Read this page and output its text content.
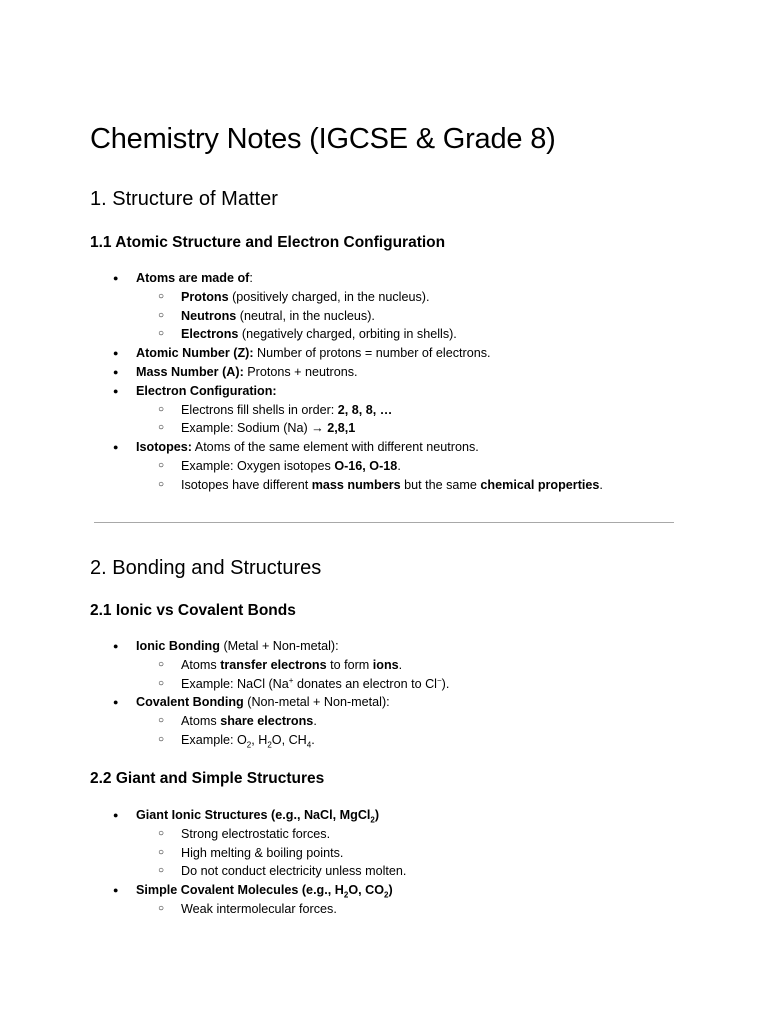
Chemistry Notes (IGCSE & Grade 8)
1. Structure of Matter
1.1 Atomic Structure and Electron Configuration
● Atoms are made of:
○ Protons (positively charged, in the nucleus).
○ Neutrons (neutral, in the nucleus).
○ Electrons (negatively charged, orbiting in shells).
● Atomic Number (Z): Number of protons = number of electrons.
● Mass Number (A): Protons + neutrons.
● Electron Configuration:
○ Electrons fill shells in order: 2, 8, 8, …
○ Example: Sodium (Na) → 2,8,1
● Isotopes: Atoms of the same element with different neutrons.
○ Example: Oxygen isotopes O-16, O-18.
○ Isotopes have different mass numbers but the same chemical properties.
2. Bonding and Structures
2.1 Ionic vs Covalent Bonds
● Ionic Bonding (Metal + Non-metal):
○ Atoms transfer electrons to form ions.
○ Example: NaCl (Na+ donates an electron to Cl−).
● Covalent Bonding (Non-metal + Non-metal):
○ Atoms share electrons.
○ Example: $O_2$, $H_2O$, $CH_4$.
2.2 Giant and Simple Structures
● Giant Ionic Structures (e.g., NaCl, MgCl$_2$)
○ Strong electrostatic forces.
○ High melting & boiling points.
○ Do not conduct electricity unless molten.
● Simple Covalent Molecules (e.g., $H_2O$, $CO_2$)
○ Weak intermolecular forces.
